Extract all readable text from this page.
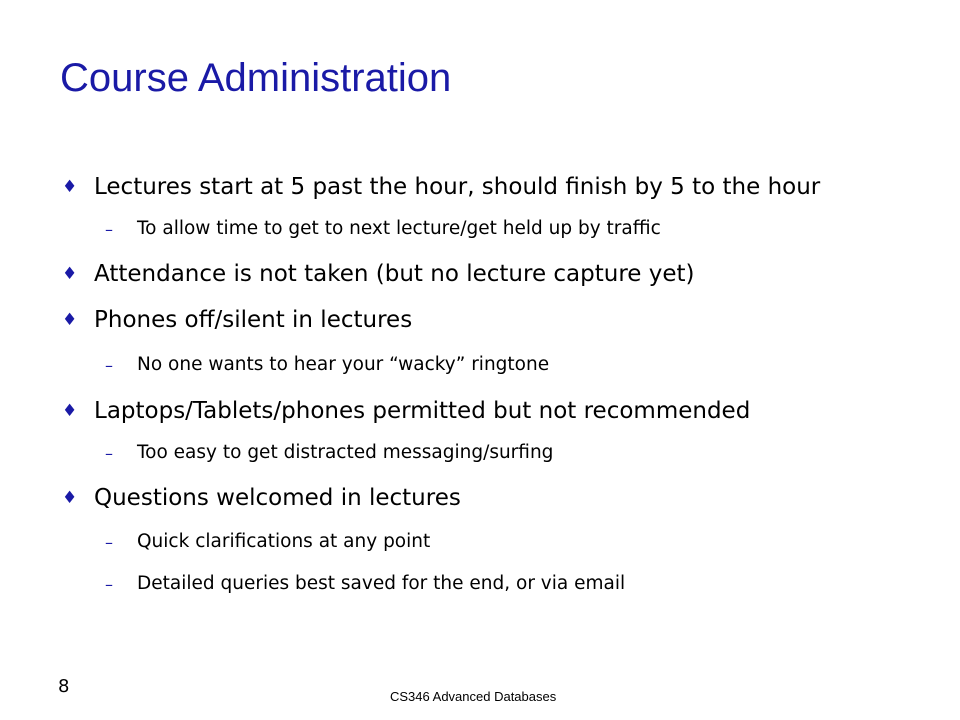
Course Administration
♦ Lectures start at 5 past the hour, should finish by 5 to the hour
– To allow time to get to next lecture/get held up by traffic
♦ Attendance is not taken (but no lecture capture yet)
♦ Phones off/silent in lectures
– No one wants to hear your “wacky” ringtone
♦ Laptops/Tablets/phones permitted but not recommended
– Too easy to get distracted messaging/surfing
♦ Questions welcomed in lectures
– Quick clarifications at any point
– Detailed queries best saved for the end, or via email
8	CS346 Advanced Databases
